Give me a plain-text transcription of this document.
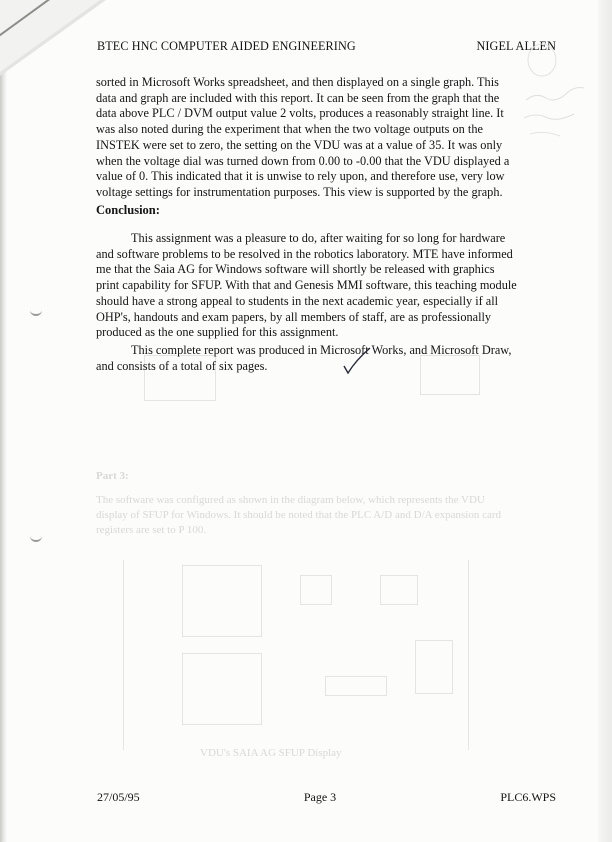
Part 3:
The software was configured as shown in the diagram below, which represents the VDU display of SFUP for Windows. It should be noted that the PLC A/D and D/A expansion card registers are set to P 100.
VDU's SAIA AG SFUP Display
BTEC HNC COMPUTER AIDED ENGINEERING	NIGEL ALLEN
sorted in Microsoft Works spreadsheet, and then displayed on a single graph. This
data and graph are included with this report. It can be seen from the graph that the
data above PLC / DVM output value 2 volts, produces a reasonably straight line. It
was also noted during the experiment that when the two voltage outputs on the
INSTEK were set to zero, the setting on the VDU was at a value of 35. It was only
when the voltage dial was turned down from 0.00 to -0.00 that the VDU displayed a
value of 0. This indicated that it is unwise to rely upon, and therefore use, very low
voltage settings for instrumentation purposes. This view is supported by the graph.
Conclusion:
This assignment was a pleasure to do, after waiting for so long for hardware
and software problems to be resolved in the robotics laboratory. MTE have informed
me that the Saia AG for Windows software will shortly be released with graphics
print capability for SFUP. With that and Genesis MMI software, this teaching module
should have a strong appeal to students in the next academic year, especially if all
OHP's, handouts and exam papers, by all members of staff, are as professionally
produced as the one supplied for this assignment.
This complete report was produced in Microsoft Works, and Microsoft Draw,
and consists of a total of six pages.
27/05/95	Page 3	PLC6.WPS
